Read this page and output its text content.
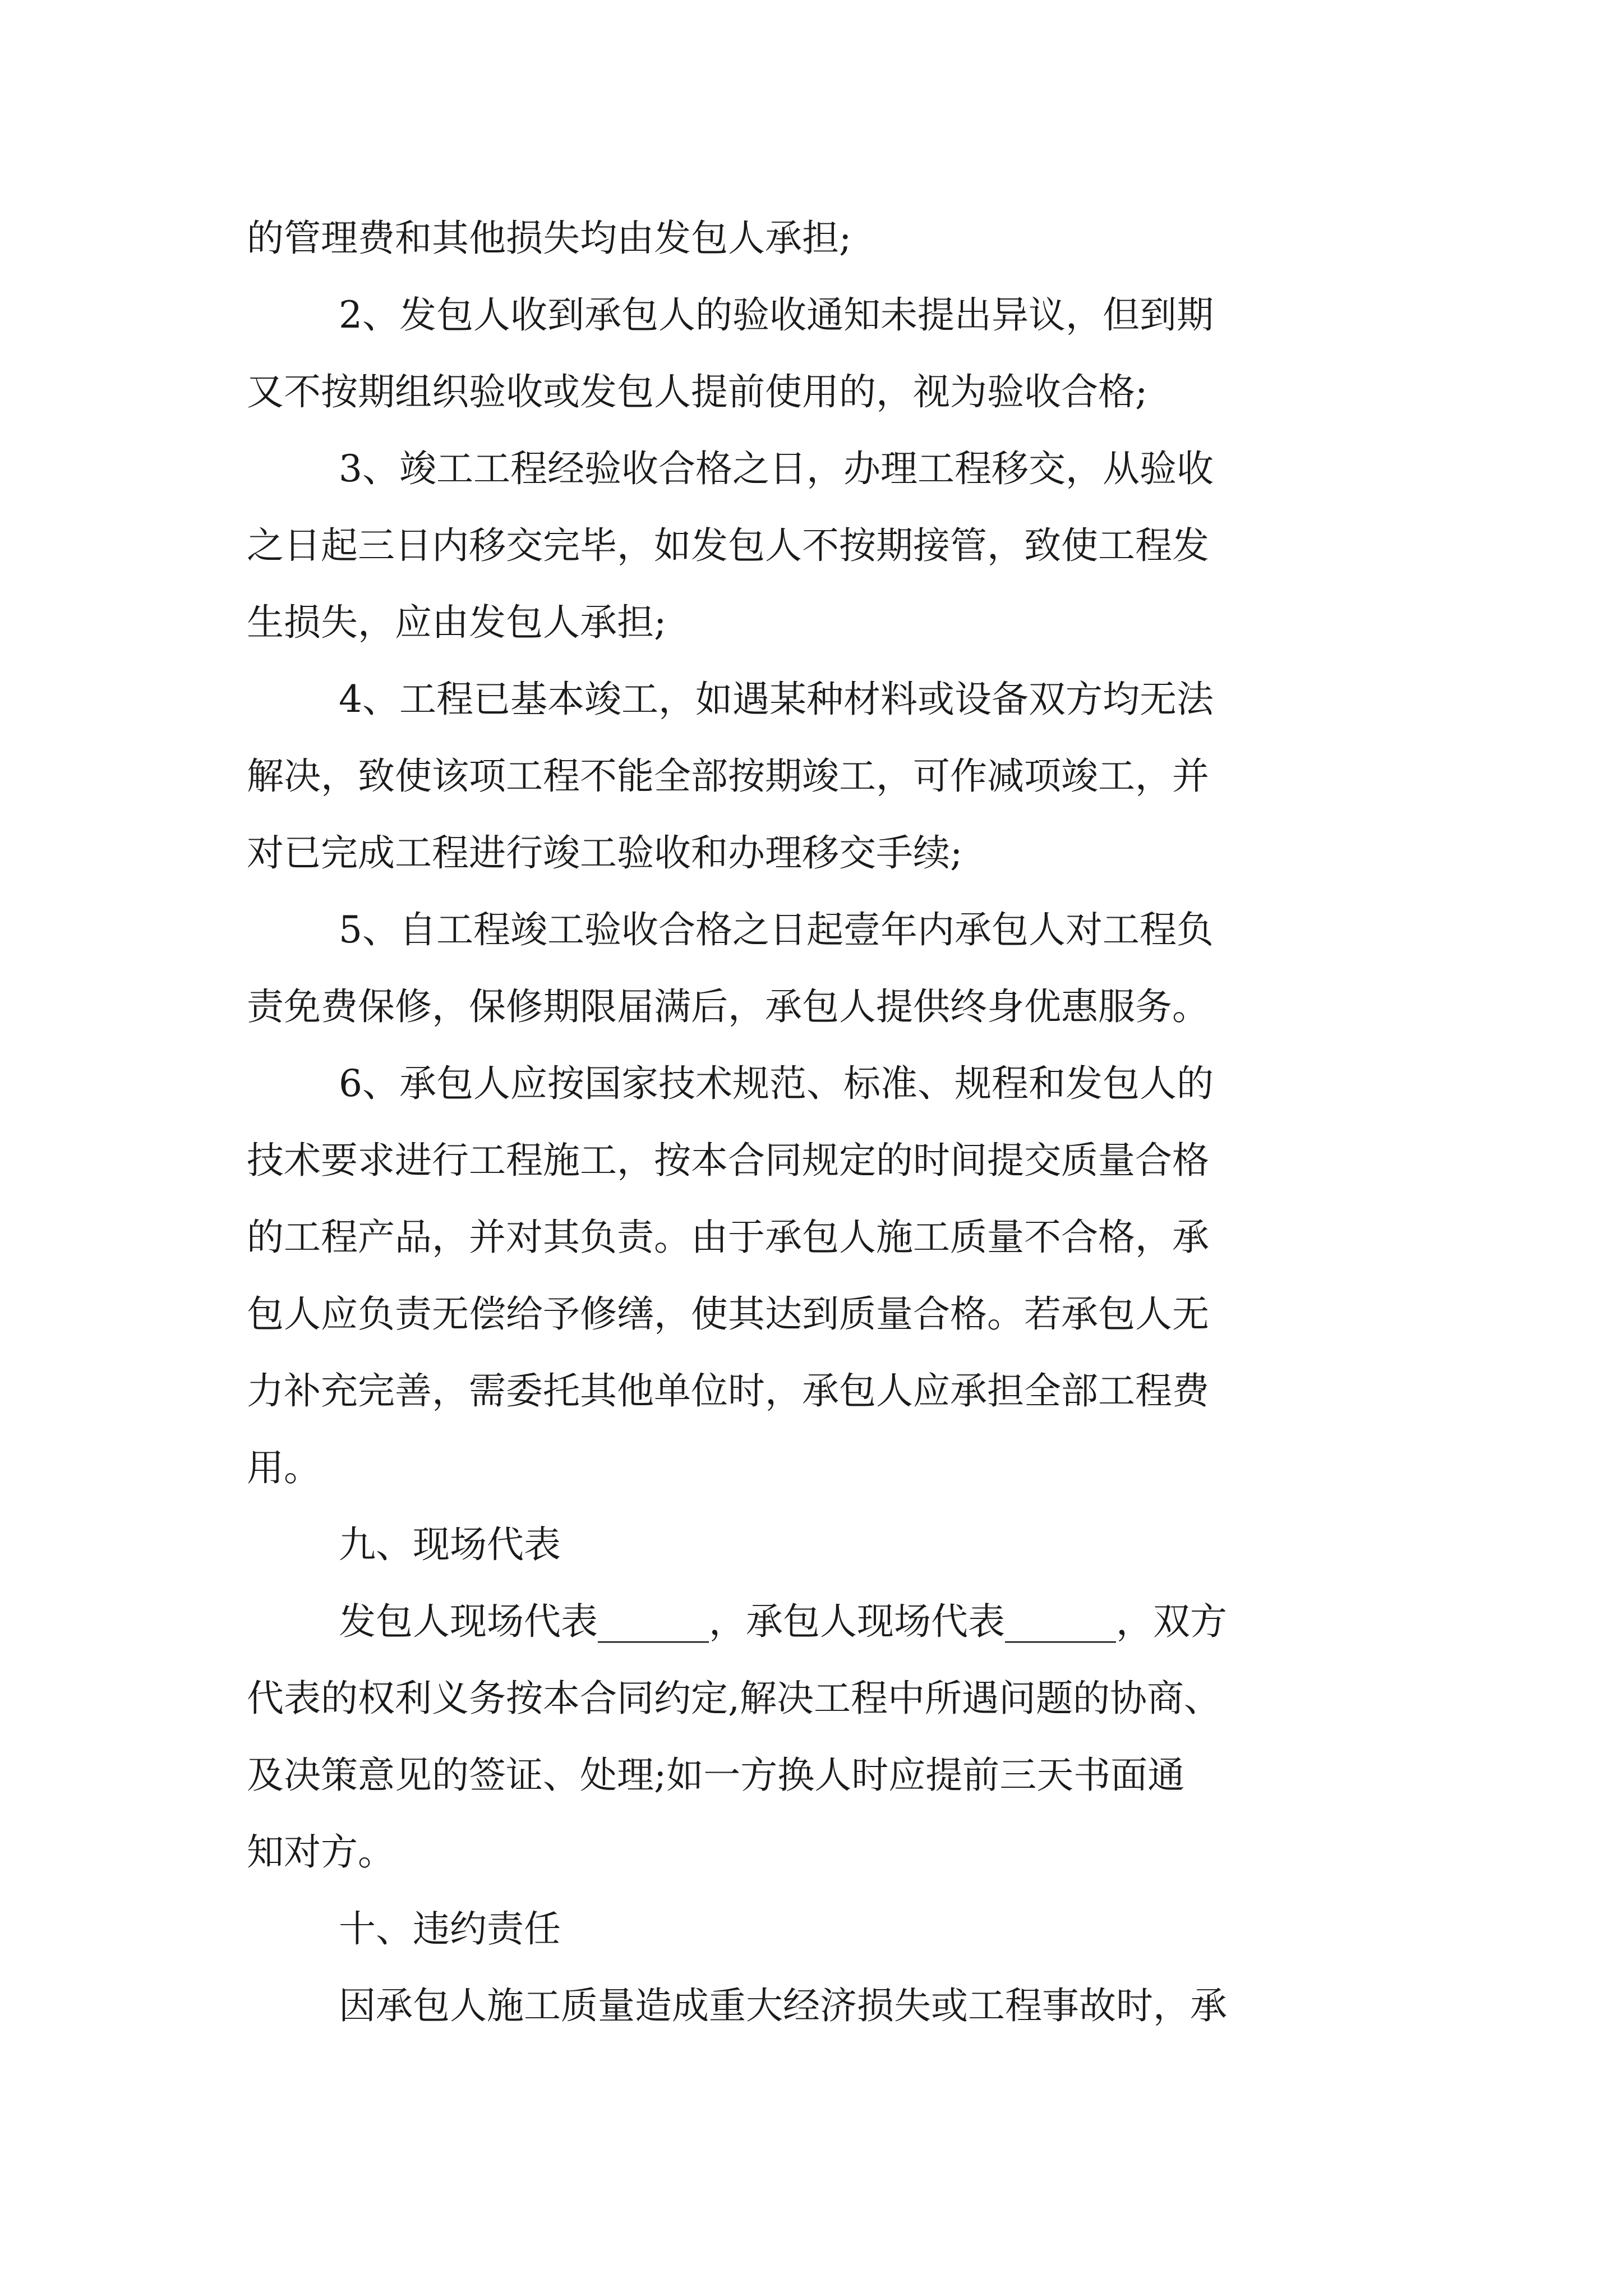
的管理费和其他损失均由发包人承担;
2、发包人收到承包人的验收通知未提出异议，但到期
又不按期组织验收或发包人提前使用的，视为验收合格;
3、竣工工程经验收合格之日，办理工程移交，从验收
之日起三日内移交完毕，如发包人不按期接管，致使工程发
生损失，应由发包人承担;
4、工程已基本竣工，如遇某种材料或设备双方均无法
解决，致使该项工程不能全部按期竣工，可作减项竣工，并
对已完成工程进行竣工验收和办理移交手续;
5、自工程竣工验收合格之日起壹年内承包人对工程负
责免费保修，保修期限届满后，承包人提供终身优惠服务。
6、承包人应按国家技术规范、标准、规程和发包人的
技术要求进行工程施工，按本合同规定的时间提交质量合格
的工程产品，并对其负责。由于承包人施工质量不合格，承
包人应负责无偿给予修缮，使其达到质量合格。若承包人无
力补充完善，需委托其他单位时，承包人应承担全部工程费
用。
九、现场代表
发包人现场代表______，承包人现场代表______，双方
代表的权利义务按本合同约定,解决工程中所遇问题的协商、
及决策意见的签证、处理;如一方换人时应提前三天书面通
知对方。
十、违约责任
因承包人施工质量造成重大经济损失或工程事故时，承
